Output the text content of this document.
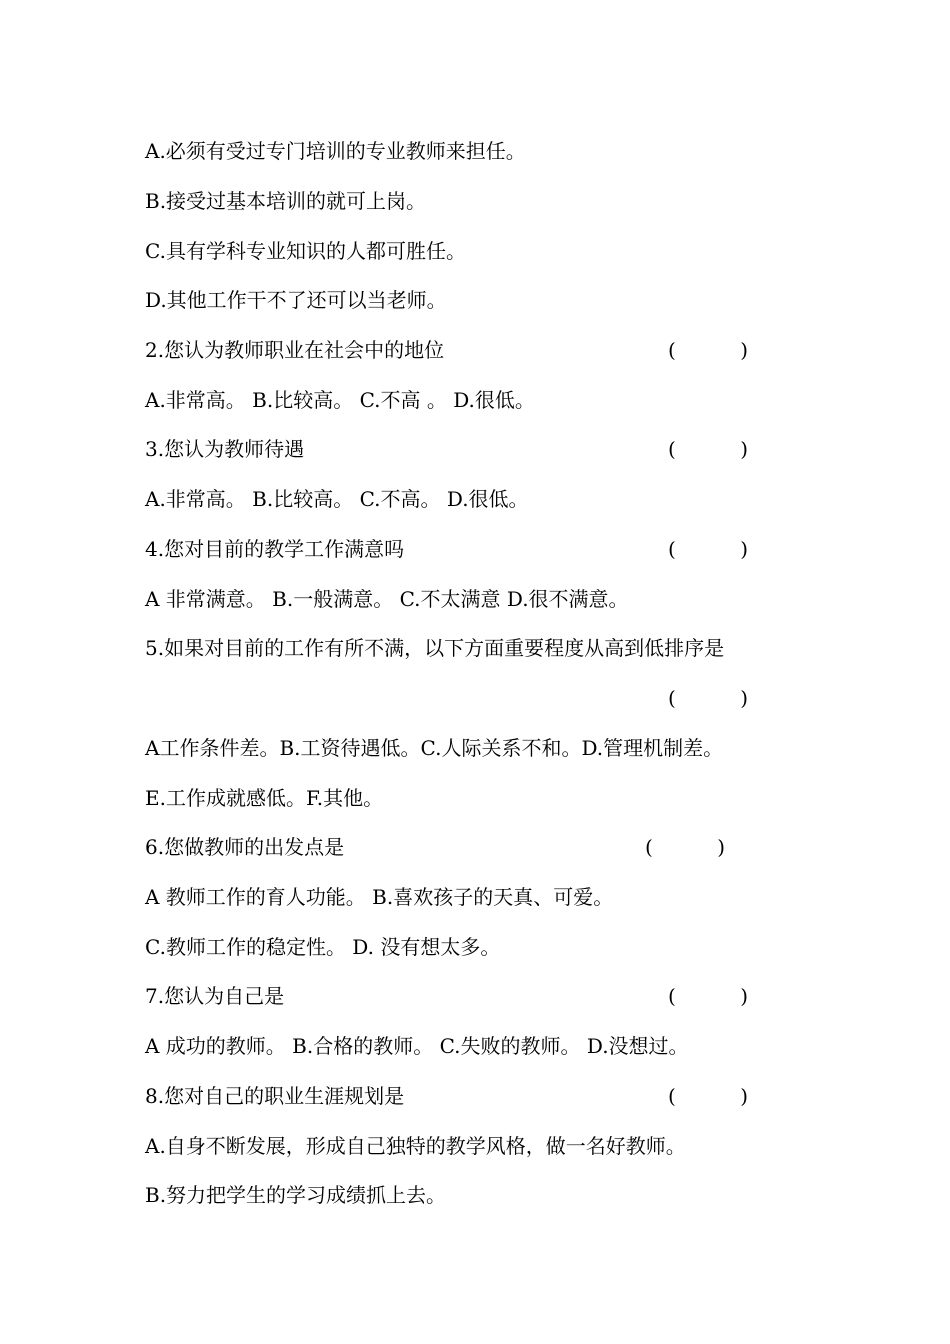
A.必须有受过专门培训的专业教师来担任。
B.接受过基本培训的就可上岗。
C.具有学科专业知识的人都可胜任。
D.其他工作干不了还可以当老师。
2.您认为教师职业在社会中的地位	(	)
A.非常高。 B.比较高。 C.不高 。 D.很低。
3.您认为教师待遇	(	)
A.非常高。 B.比较高。 C.不高。 D.很低。
4.您对目前的教学工作满意吗	(	)
A 非常满意。 B.一般满意。 C.不太满意 D.很不满意。
5.如果对目前的工作有所不满，以下方面重要程度从高到低排序是
(	)
A工作条件差。B.工资待遇低。C.人际关系不和。D.管理机制差。
E.工作成就感低。F.其他。
6.您做教师的出发点是	(	)
A 教师工作的育人功能。 B.喜欢孩子的天真、可爱。
C.教师工作的稳定性。 D. 没有想太多。
7.您认为自己是	(	)
A 成功的教师。 B.合格的教师。 C.失败的教师。 D.没想过。
8.您对自己的职业生涯规划是	(	)
A.自身不断发展，形成自己独特的教学风格，做一名好教师。
B.努力把学生的学习成绩抓上去。
